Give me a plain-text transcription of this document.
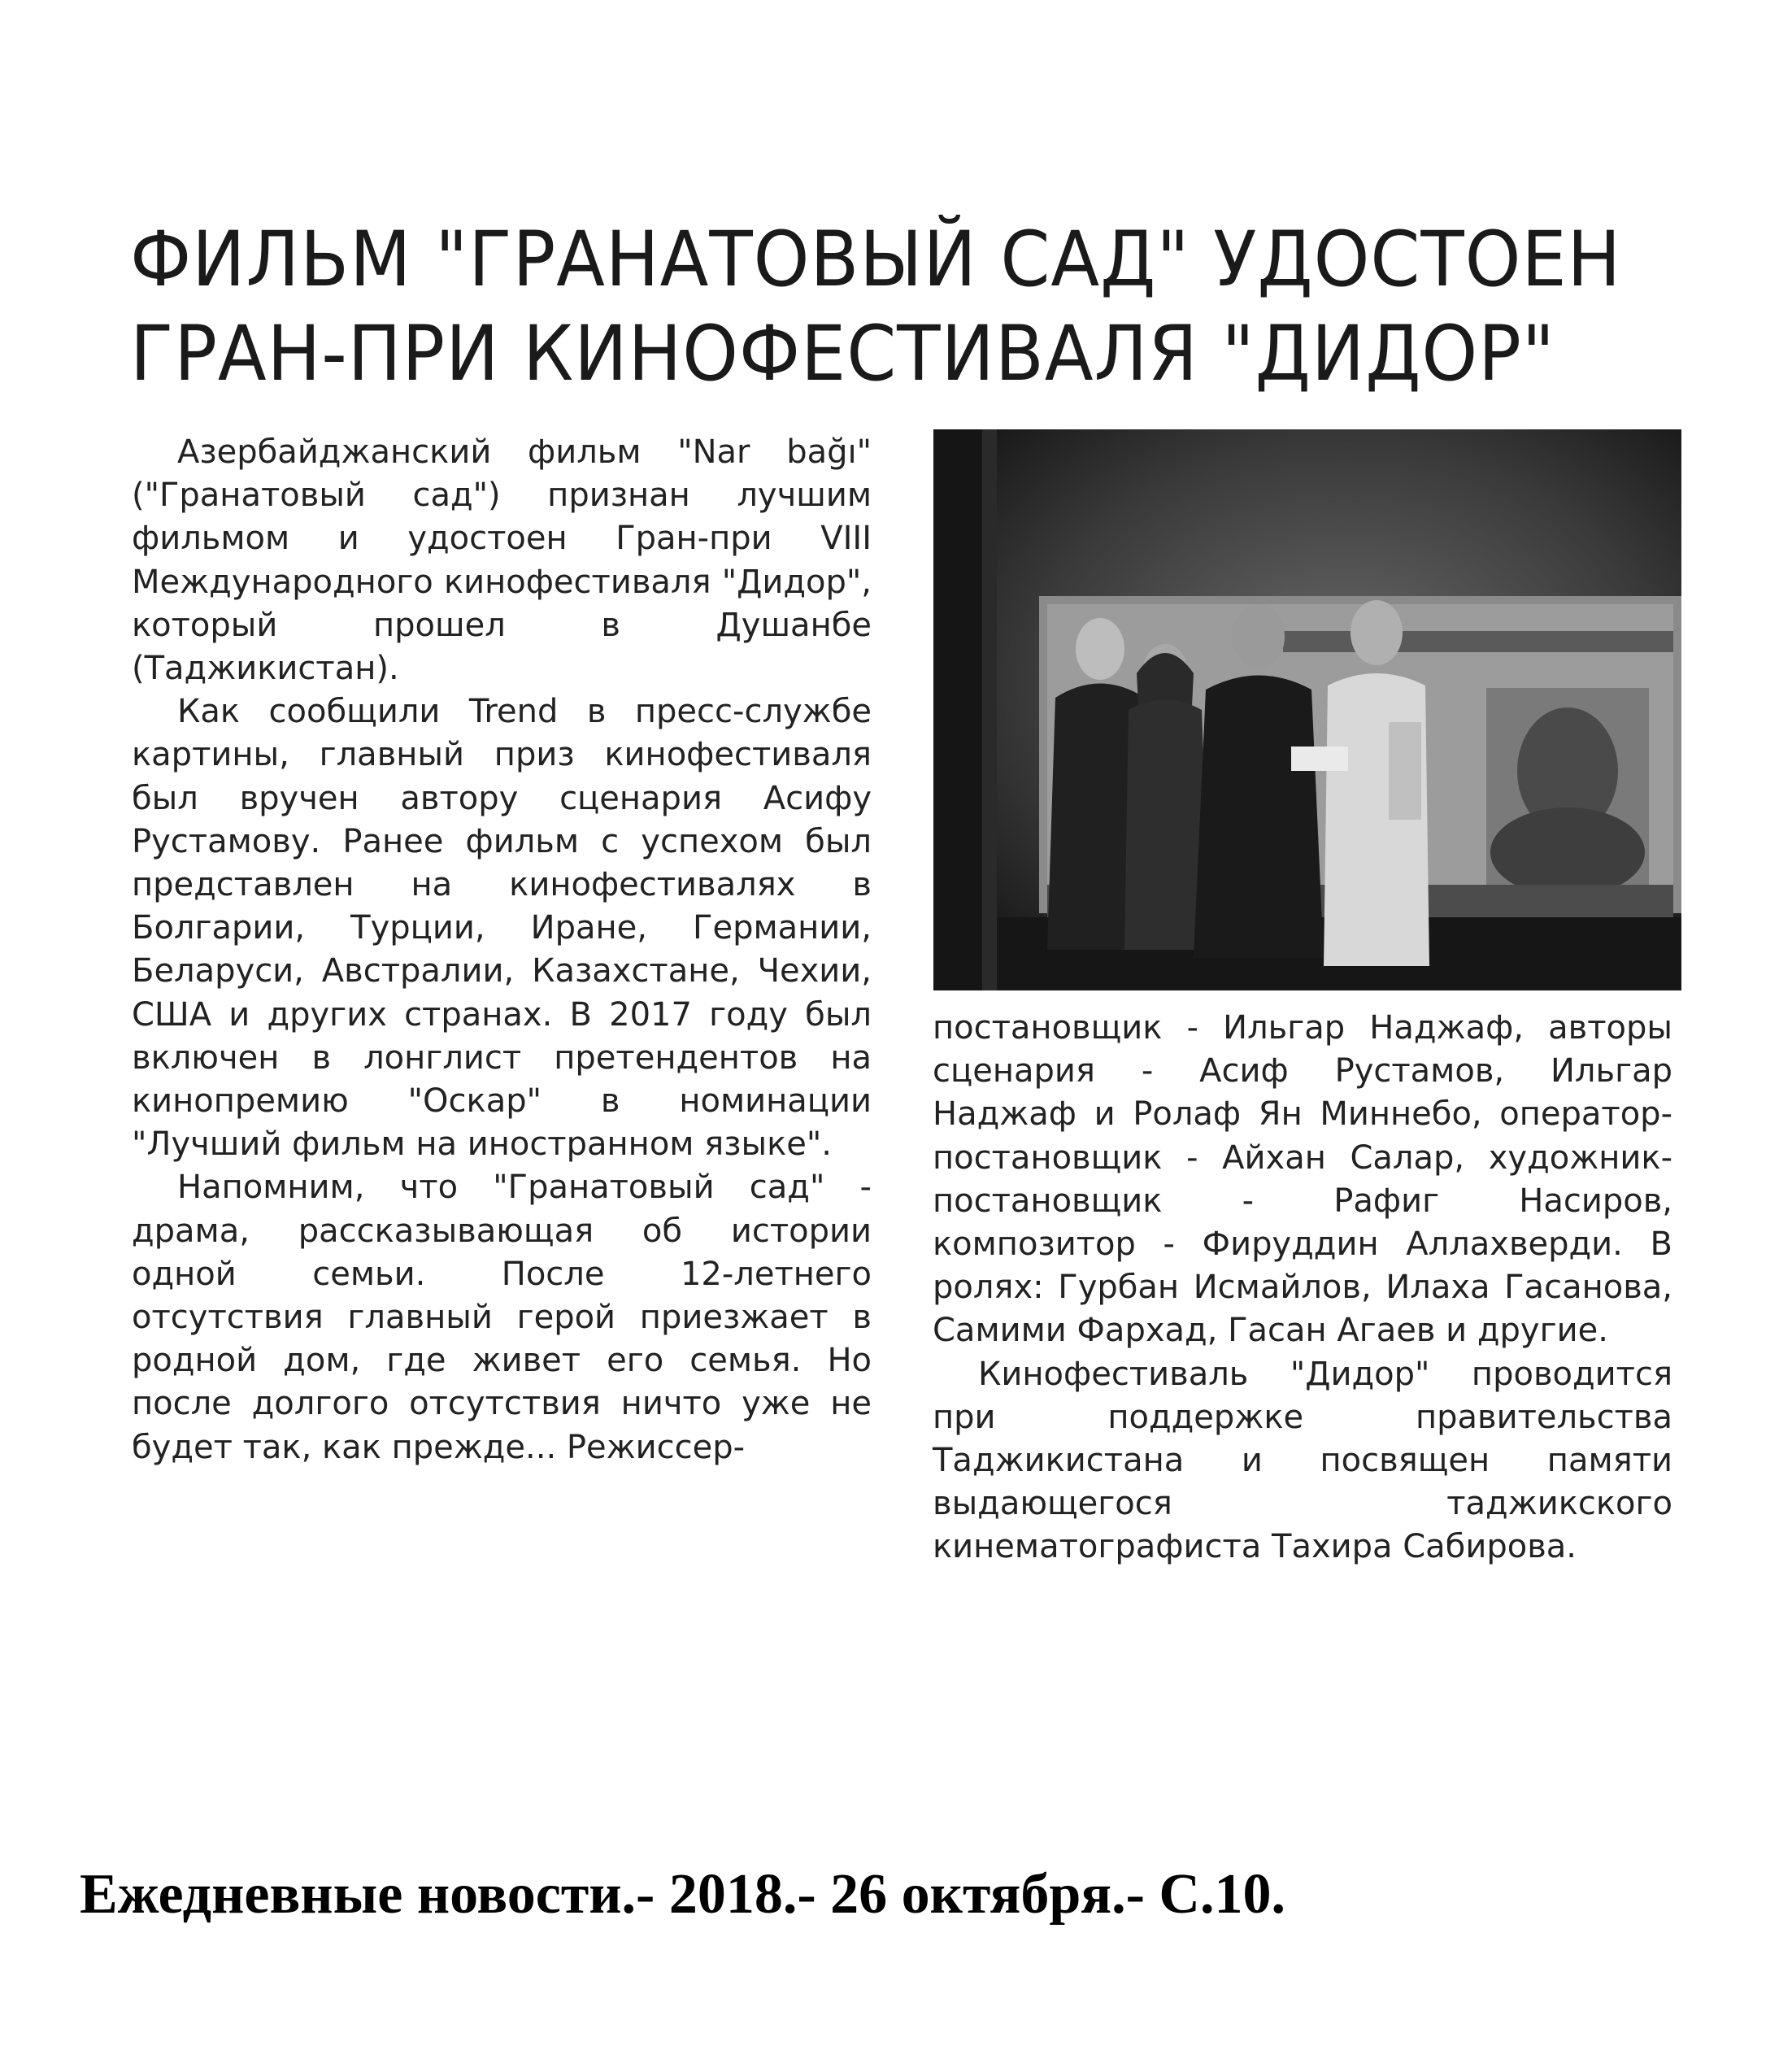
ФИЛЬМ "ГРАНАТОВЫЙ САД" УДОСТОЕН
ГРАН-ПРИ КИНОФЕСТИВАЛЯ "ДИДОР"

Азербайджанский фильм "Nar bağı" ("Гранатовый сад") признан лучшим фильмом и удостоен Гран-при VIII Международного кинофестиваля "Дидор", который прошел в Душанбе (Таджикистан).

Как сообщили Trend в пресс-службе картины, главный приз кинофестиваля был вручен автору сценария Асифу Рустамову. Ранее фильм с успехом был представлен на кинофестивалях в Болгарии, Турции, Иране, Германии, Беларуси, Австралии, Казахстане, Чехии, США и других странах. В 2017 году был включен в лонглист претендентов на кинопремию "Оскар" в номинации "Лучший фильм на иностранном языке".

Напомним, что "Гранатовый сад" - драма, рассказывающая об истории одной семьи. После 12-летнего отсутствия главный герой приезжает в родной дом, где живет его семья. Но после долгого отсутствия ничто уже не будет так, как прежде... Режиссер-

постановщик - Ильгар Наджаф, авторы сценария - Асиф Рустамов, Ильгар Наджаф и Ролаф Ян Миннебо, оператор-постановщик - Айхан Салар, художник-постановщик - Рафиг Насиров, композитор - Фируддин Аллахверди. В ролях: Гурбан Исмайлов, Илаха Гасанова, Самими Фархад, Гасан Агаев и другие.

Кинофестиваль "Дидор" проводится при поддержке правительства Таджикистана и посвящен памяти выдающегося таджикского кинематографиста Тахира Сабирова.

Ежедневные новости.- 2018.- 26 октября.- С.10.
